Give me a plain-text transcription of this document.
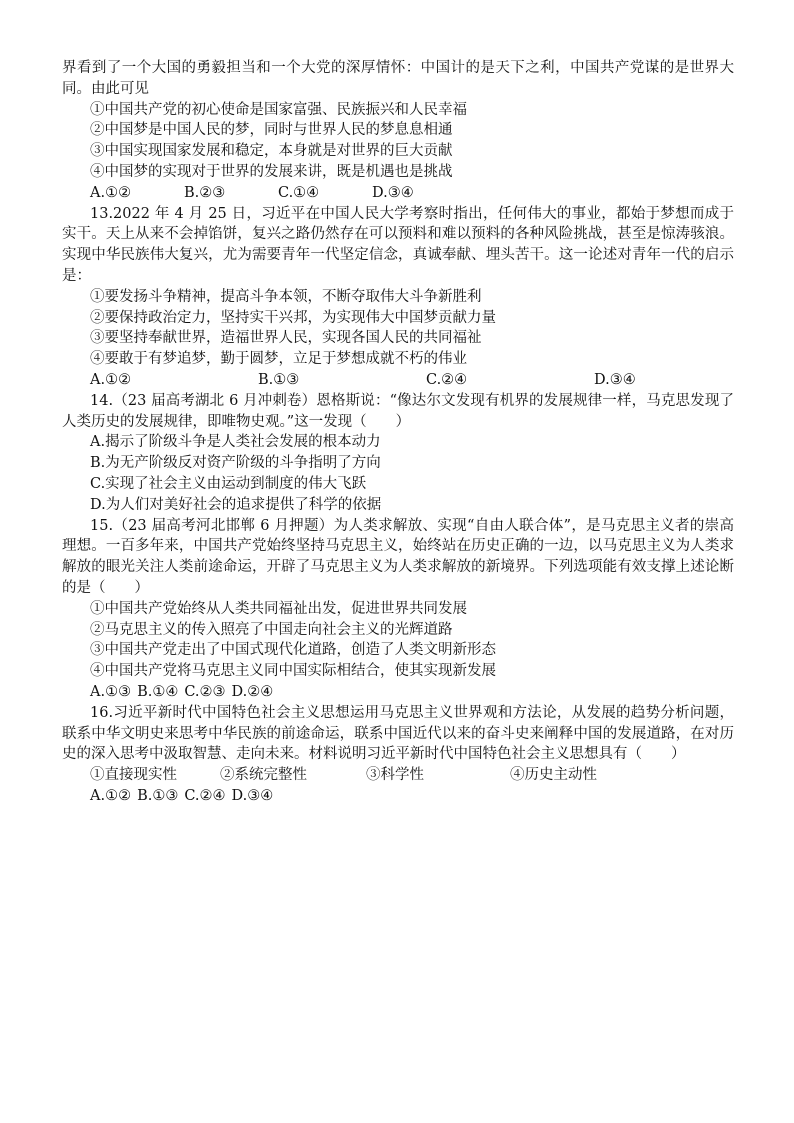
界看到了一个大国的勇毅担当和一个大党的深厚情怀：中国计的是天下之利，中国共产党谋的是世界大同。由此可见

①中国共产党的初心使命是国家富强、民族振兴和人民幸福

②中国梦是中国人民的梦，同时与世界人民的梦息息相通

③中国实现国家发展和稳定，本身就是对世界的巨大贡献

④中国梦的实现对于世界的发展来讲，既是机遇也是挑战

A.①②	B.②③	C.①④	D.③④

13.2022 年 4 月 25 日，习近平在中国人民大学考察时指出，任何伟大的事业，都始于梦想而成于实干。天上从来不会掉馅饼，复兴之路仍然存在可以预料和难以预料的各种风险挑战，甚至是惊涛骇浪。实现中华民族伟大复兴，尤为需要青年一代坚定信念，真诚奉献、埋头苦干。这一论述对青年一代的启示是：

①要发扬斗争精神，提高斗争本领，不断夺取伟大斗争新胜利

②要保持政治定力，坚持实干兴邦，为实现伟大中国梦贡献力量

③要坚持奉献世界，造福世界人民，实现各国人民的共同福祉

④要敢于有梦追梦，勤于圆梦，立足于梦想成就不朽的伟业

A.①②	B.①③	C.②④	D.③④

14.（23 届高考湖北 6 月冲刺卷）恩格斯说：“像达尔文发现有机界的发展规律一样，马克思发现了人类历史的发展规律，即唯物史观。”这一发现（　　）

A.揭示了阶级斗争是人类社会发展的根本动力

B.为无产阶级反对资产阶级的斗争指明了方向

C.实现了社会主义由运动到制度的伟大飞跃

D.为人们对美好社会的追求提供了科学的依据

15.（23 届高考河北邯郸 6 月押题）为人类求解放、实现“自由人联合体”，是马克思主义者的崇高理想。一百多年来，中国共产党始终坚持马克思主义，始终站在历史正确的一边，以马克思主义为人类求解放的眼光关注人类前途命运，开辟了马克思主义为人类求解放的新境界。下列选项能有效支撑上述论断的是（　　）

①中国共产党始终从人类共同福祉出发，促进世界共同发展

②马克思主义的传入照亮了中国走向社会主义的光辉道路

③中国共产党走出了中国式现代化道路，创造了人类文明新形态

④中国共产党将马克思主义同中国实际相结合，使其实现新发展

A.①③ B.①④ C.②③ D.②④

16.习近平新时代中国特色社会主义思想运用马克思主义世界观和方法论，从发展的趋势分析问题，联系中华文明史来思考中华民族的前途命运，联系中国近代以来的奋斗史来阐释中国的发展道路，在对历史的深入思考中汲取智慧、走向未来。材料说明习近平新时代中国特色社会主义思想具有（　　）

①直接现实性	②系统完整性	③科学性	④历史主动性
A.①② B.①③ C.②④ D.③④
